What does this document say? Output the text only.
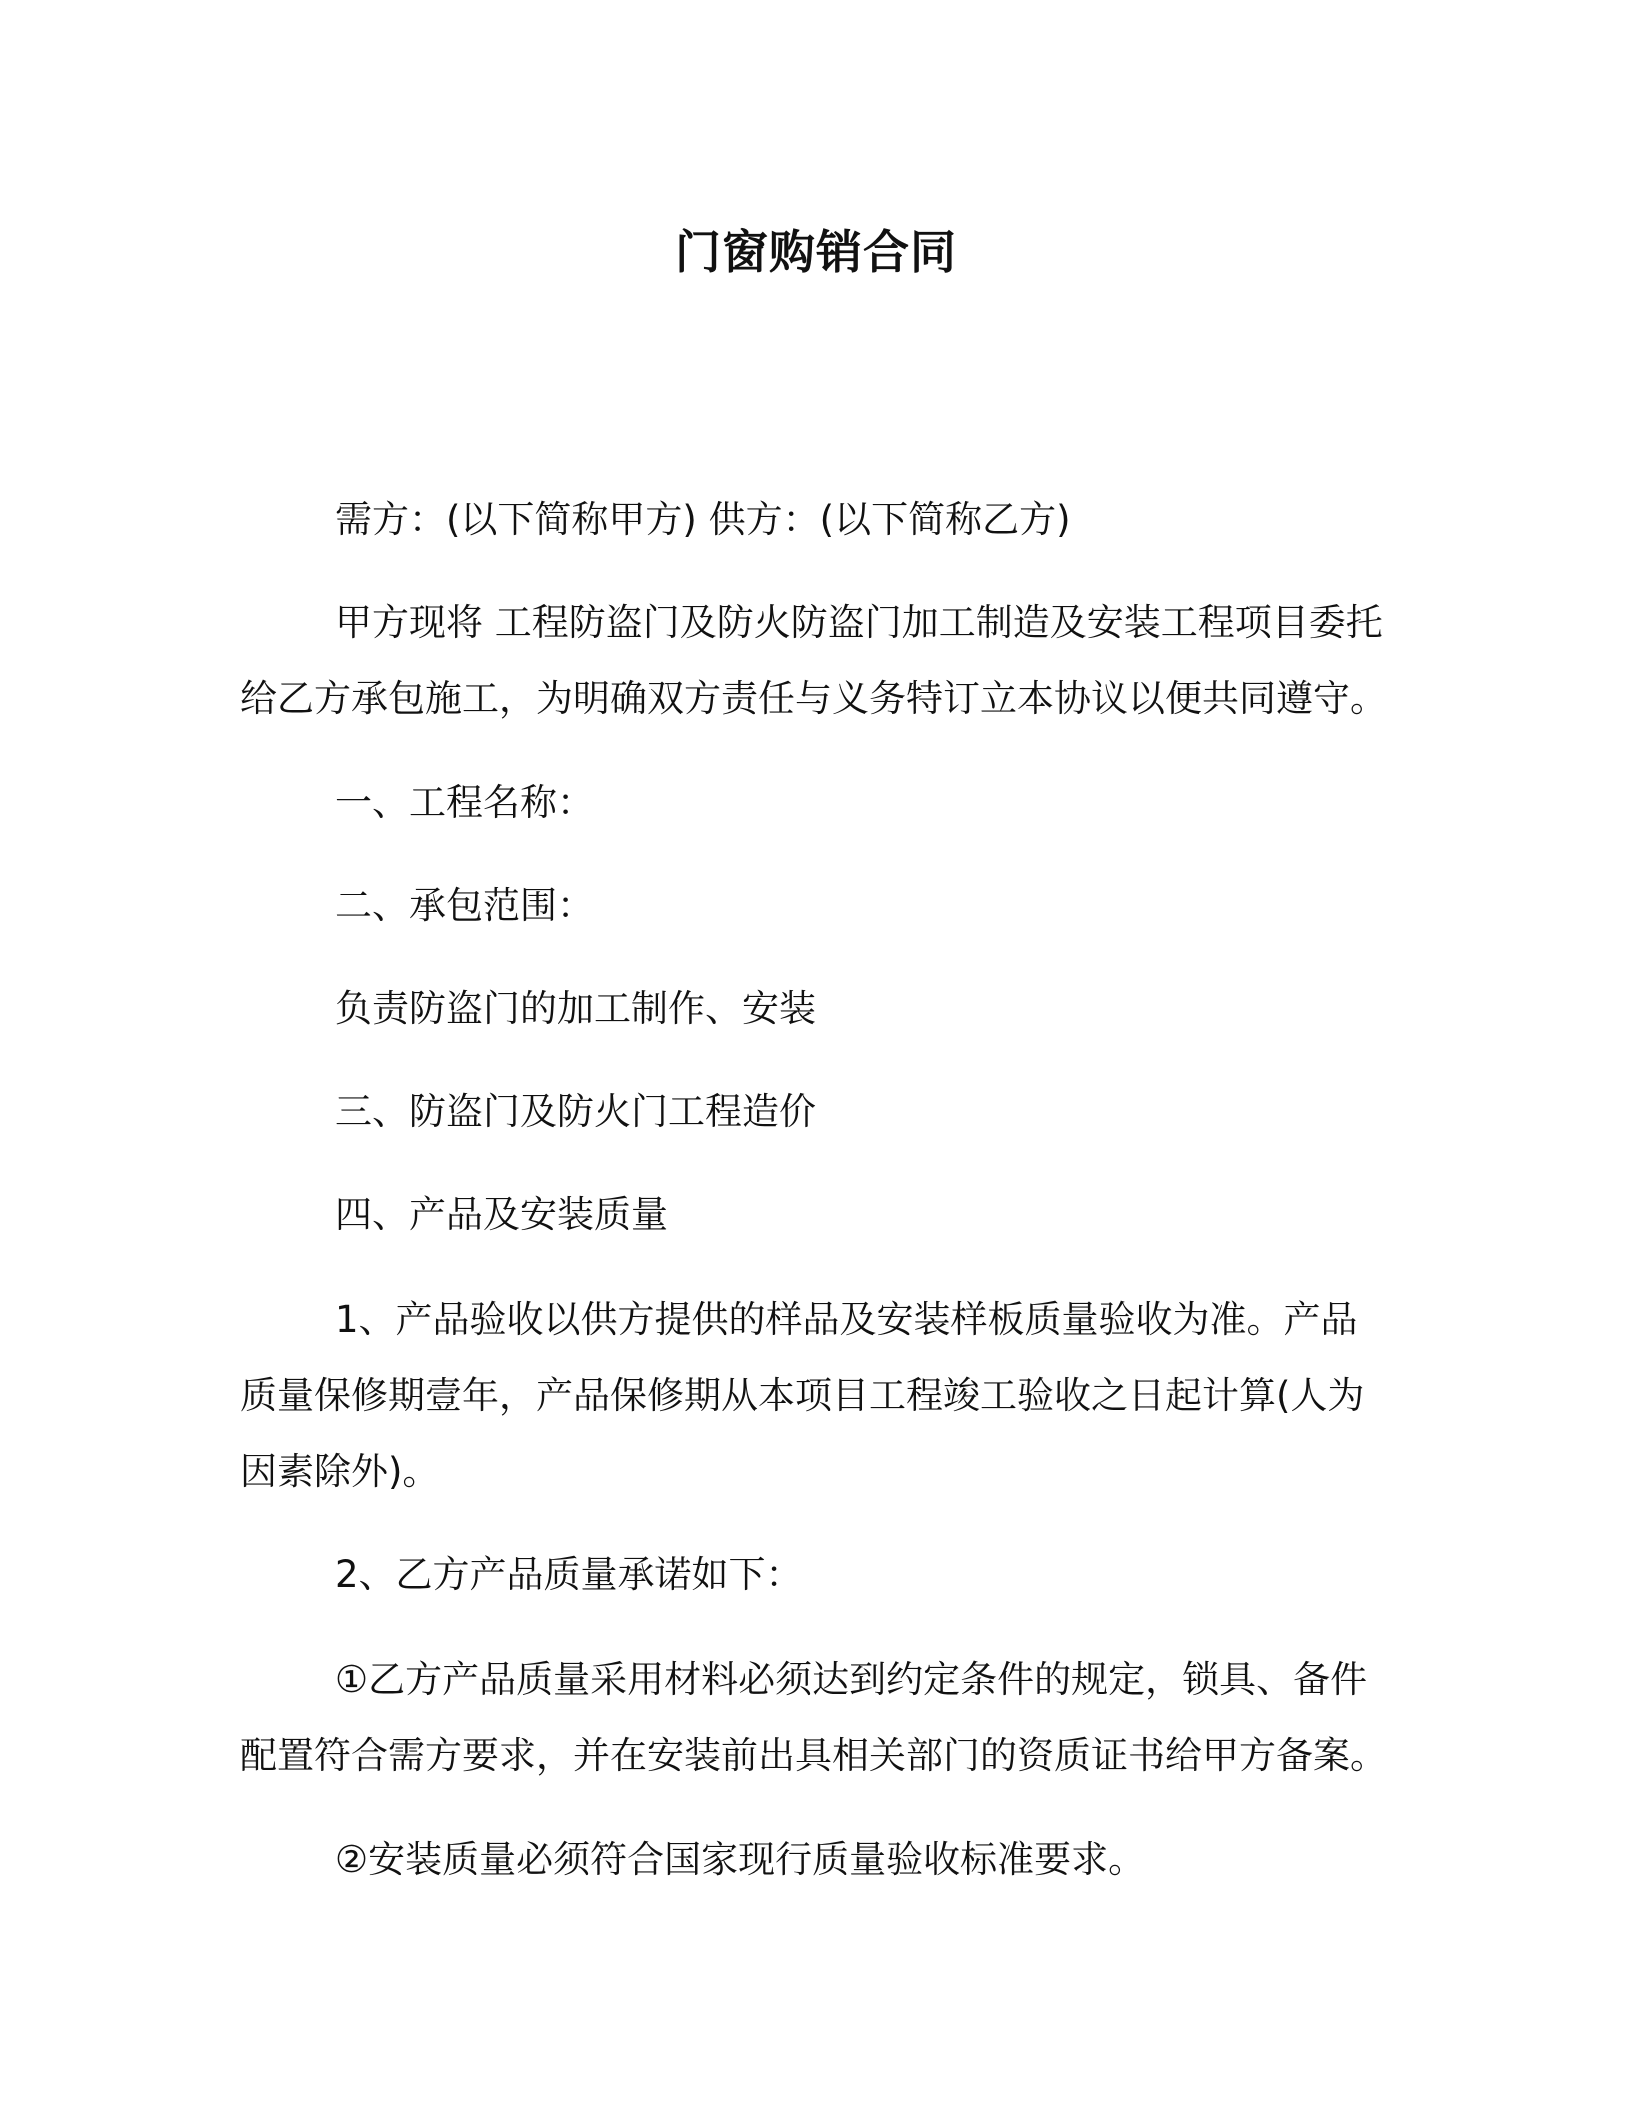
门窗购销合同

需方：(以下简称甲方) 供方：(以下简称乙方)

甲方现将 工程防盗门及防火防盗门加工制造及安装工程项目委托
给乙方承包施工，为明确双方责任与义务特订立本协议以便共同遵守。

一、工程名称：

二、承包范围：

负责防盗门的加工制作、安装

三、防盗门及防火门工程造价

四、产品及安装质量

1、产品验收以供方提供的样品及安装样板质量验收为准。产品
质量保修期壹年，产品保修期从本项目工程竣工验收之日起计算(人为
因素除外)。

2、乙方产品质量承诺如下：

①乙方产品质量采用材料必须达到约定条件的规定，锁具、备件
配置符合需方要求，并在安装前出具相关部门的资质证书给甲方备案。

②安装质量必须符合国家现行质量验收标准要求。
